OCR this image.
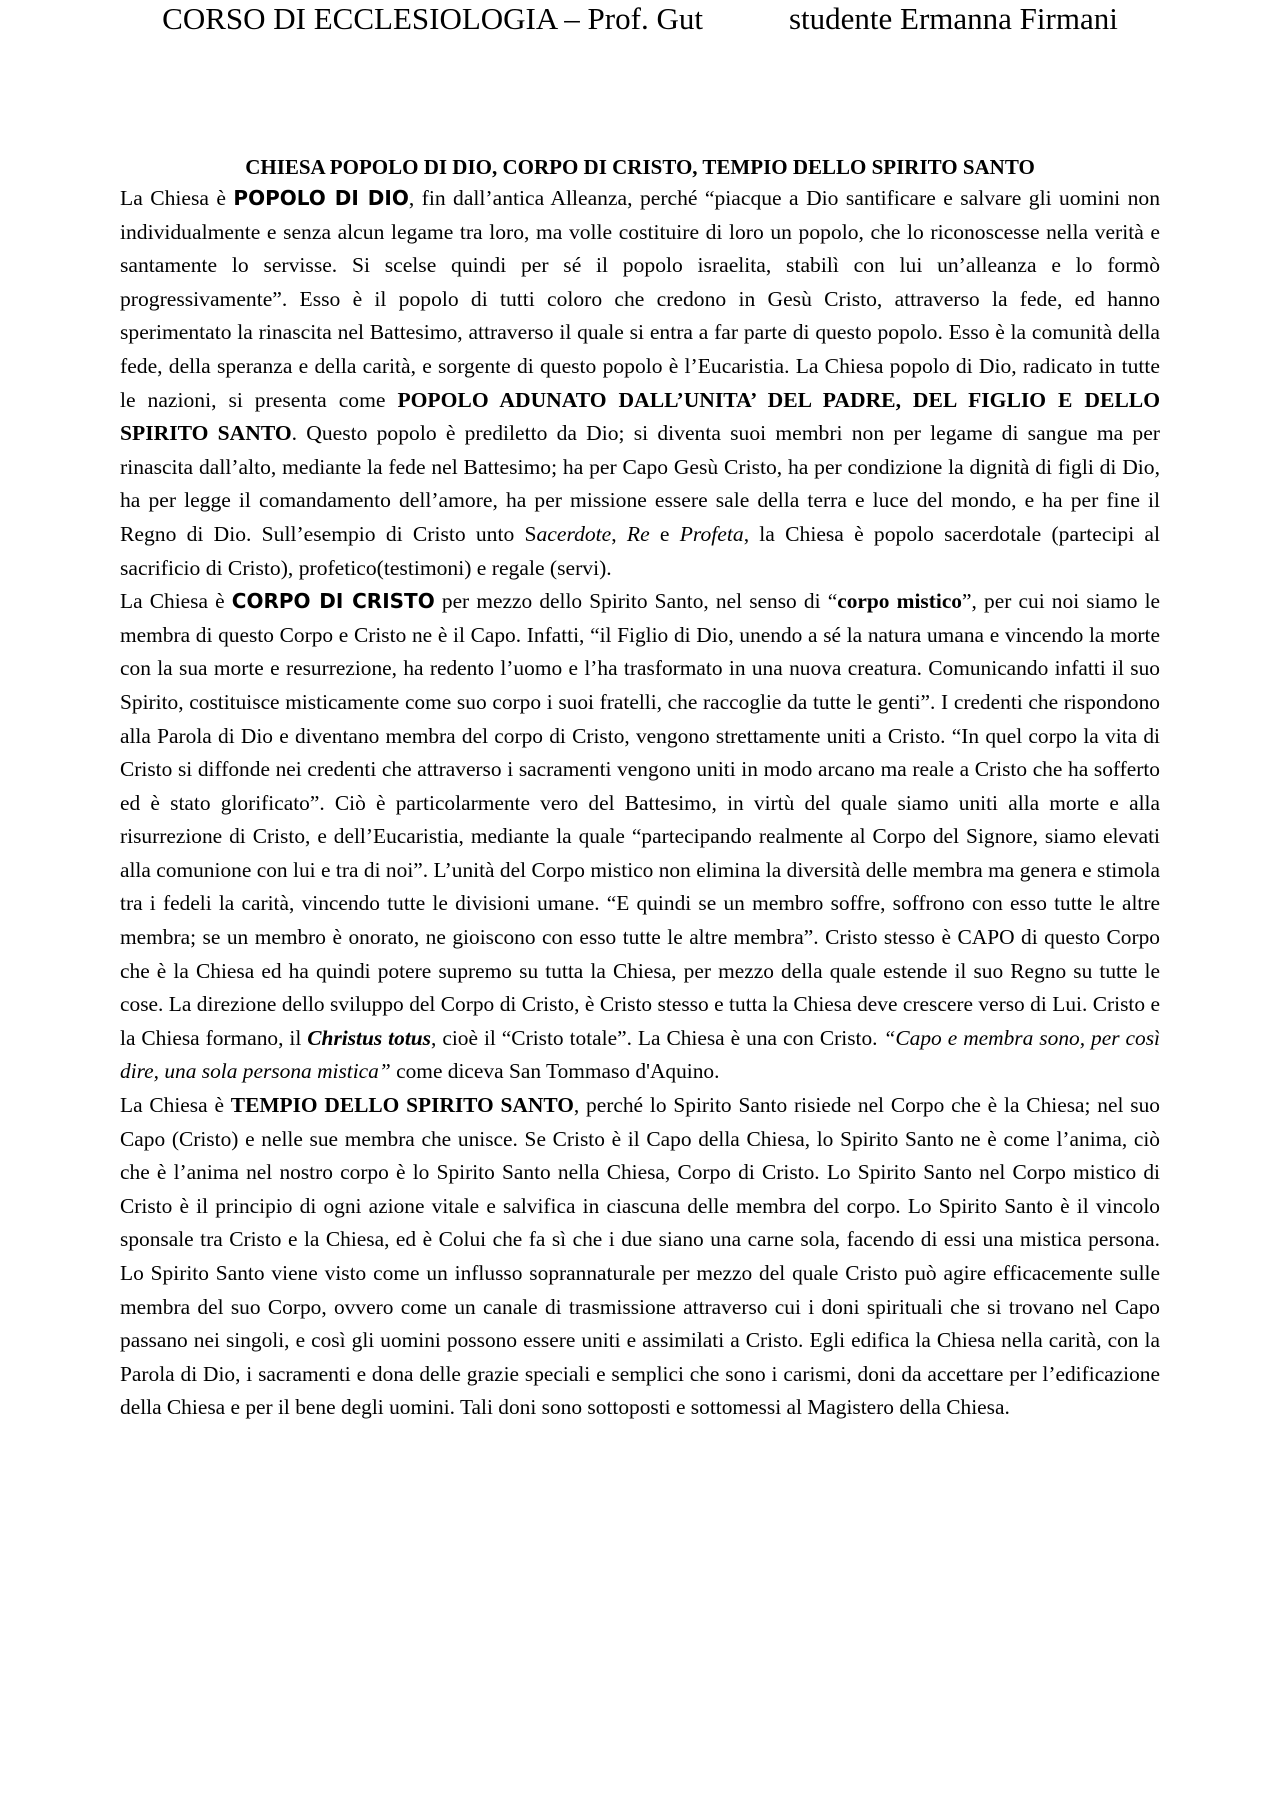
CORSO DI ECCLESIOLOGIA – Prof. Gut	studente Ermanna Firmani
CHIESA POPOLO DI DIO, CORPO DI CRISTO, TEMPIO DELLO SPIRITO SANTO

La Chiesa è POPOLO DI DIO, fin dall’antica Alleanza, perché “piacque a Dio santificare e salvare gli uomini non individualmente e senza alcun legame tra loro, ma volle costituire di loro un popolo, che lo riconoscesse nella verità e santamente lo servisse. Si scelse quindi per sé il popolo israelita, stabilì con lui un’alleanza e lo formò progressivamente”. Esso è il popolo di tutti coloro che credono in Gesù Cristo, attraverso la fede, ed hanno sperimentato la rinascita nel Battesimo, attraverso il quale si entra a far parte di questo popolo. Esso è la comunità della fede, della speranza e della carità, e sorgente di questo popolo è l’Eucaristia. La Chiesa popolo di Dio, radicato in tutte le nazioni, si presenta come POPOLO ADUNATO DALL’UNITA’ DEL PADRE, DEL FIGLIO E DELLO SPIRITO SANTO. Questo popolo è prediletto da Dio; si diventa suoi membri non per legame di sangue ma per rinascita dall’alto, mediante la fede nel Battesimo; ha per Capo Gesù Cristo, ha per condizione la dignità di figli di Dio, ha per legge il comandamento dell’amore, ha per missione essere sale della terra e luce del mondo, e ha per fine il Regno di Dio. Sull’esempio di Cristo unto Sacerdote, Re e Profeta, la Chiesa è popolo sacerdotale (partecipi al sacrificio di Cristo), profetico(testimoni) e regale (servi).

La Chiesa è CORPO DI CRISTO per mezzo dello Spirito Santo, nel senso di “corpo mistico”, per cui noi siamo le membra di questo Corpo e Cristo ne è il Capo. Infatti, “il Figlio di Dio, unendo a sé la natura umana e vincendo la morte con la sua morte e resurrezione, ha redento l’uomo e l’ha trasformato in una nuova creatura. Comunicando infatti il suo Spirito, costituisce misticamente come suo corpo i suoi fratelli, che raccoglie da tutte le genti”. I credenti che rispondono alla Parola di Dio e diventano membra del corpo di Cristo, vengono strettamente uniti a Cristo. “In quel corpo la vita di Cristo si diffonde nei credenti che attraverso i sacramenti vengono uniti in modo arcano ma reale a Cristo che ha sofferto ed è stato glorificato”. Ciò è particolarmente vero del Battesimo, in virtù del quale siamo uniti alla morte e alla risurrezione di Cristo, e dell’Eucaristia, mediante la quale “partecipando realmente al Corpo del Signore, siamo elevati alla comunione con lui e tra di noi”. L’unità del Corpo mistico non elimina la diversità delle membra ma genera e stimola tra i fedeli la carità, vincendo tutte le divisioni umane. “E quindi se un membro soffre, soffrono con esso tutte le altre membra; se un membro è onorato, ne gioiscono con esso tutte le altre membra”. Cristo stesso è CAPO di questo Corpo che è la Chiesa ed ha quindi potere supremo su tutta la Chiesa, per mezzo della quale estende il suo Regno su tutte le cose. La direzione dello sviluppo del Corpo di Cristo, è Cristo stesso e tutta la Chiesa deve crescere verso di Lui. Cristo e la Chiesa formano, il Christus totus, cioè il “Cristo totale”. La Chiesa è una con Cristo. “Capo e membra sono, per così dire, una sola persona mistica” come diceva San Tommaso d'Aquino.

La Chiesa è TEMPIO DELLO SPIRITO SANTO, perché lo Spirito Santo risiede nel Corpo che è la Chiesa; nel suo Capo (Cristo) e nelle sue membra che unisce. Se Cristo è il Capo della Chiesa, lo Spirito Santo ne è come l’anima, ciò che è l’anima nel nostro corpo è lo Spirito Santo nella Chiesa, Corpo di Cristo. Lo Spirito Santo nel Corpo mistico di Cristo è il principio di ogni azione vitale e salvifica in ciascuna delle membra del corpo. Lo Spirito Santo è il vincolo sponsale tra Cristo e la Chiesa, ed è Colui che fa sì che i due siano una carne sola, facendo di essi una mistica persona. Lo Spirito Santo viene visto come un influsso soprannaturale per mezzo del quale Cristo può agire efficacemente sulle membra del suo Corpo, ovvero come un canale di trasmissione attraverso cui i doni spirituali che si trovano nel Capo passano nei singoli, e così gli uomini possono essere uniti e assimilati a Cristo. Egli edifica la Chiesa nella carità, con la Parola di Dio, i sacramenti e dona delle grazie speciali e semplici che sono i carismi, doni da accettare per l’edificazione della Chiesa e per il bene degli uomini. Tali doni sono sottoposti e sottomessi al Magistero della Chiesa.
